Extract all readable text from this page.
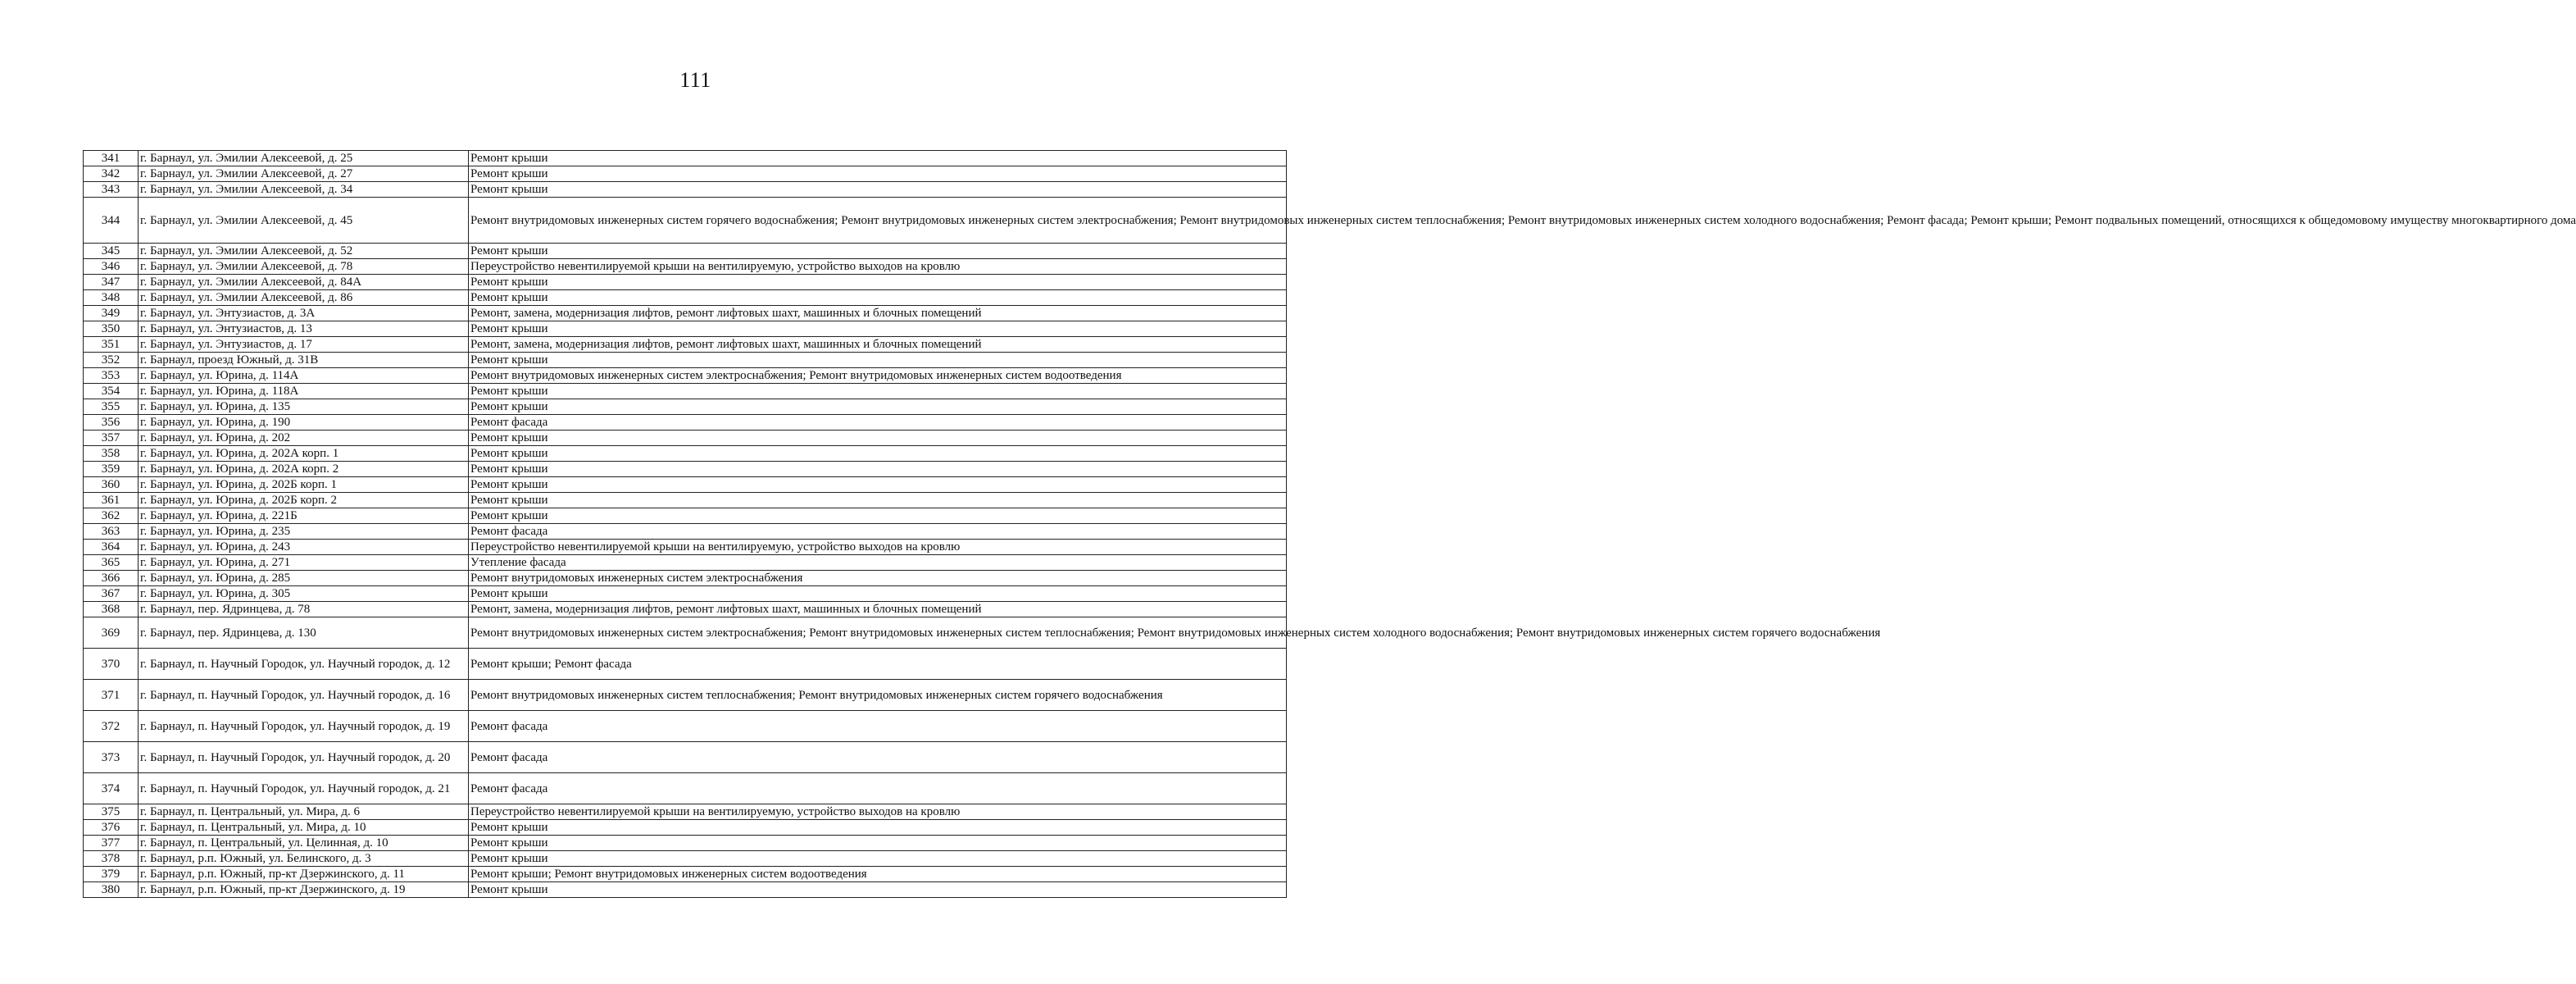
111
341	г. Барнаул, ул. Эмилии Алексеевой, д. 25	Ремонт крыши
342	г. Барнаул, ул. Эмилии Алексеевой, д. 27	Ремонт крыши
343	г. Барнаул, ул. Эмилии Алексеевой, д. 34	Ремонт крыши
344	г. Барнаул, ул. Эмилии Алексеевой, д. 45	Ремонт внутридомовых инженерных систем горячего водоснабжения; Ремонт внутридомовых инженерных систем электроснабжения; Ремонт внутридомовых инженерных систем теплоснабжения; Ремонт внутридомовых инженерных систем холодного водоснабжения; Ремонт фасада; Ремонт крыши; Ремонт подвальных помещений, относящихся к общедомовому имуществу многоквартирного дома
345	г. Барнаул, ул. Эмилии Алексеевой, д. 52	Ремонт крыши
346	г. Барнаул, ул. Эмилии Алексеевой, д. 78	Переустройство невентилируемой крыши на вентилируемую, устройство выходов на кровлю
347	г. Барнаул, ул. Эмилии Алексеевой, д. 84А	Ремонт крыши
348	г. Барнаул, ул. Эмилии Алексеевой, д. 86	Ремонт крыши
349	г. Барнаул, ул. Энтузиастов, д. 3А	Ремонт, замена, модернизация лифтов, ремонт лифтовых шахт, машинных и блочных помещений
350	г. Барнаул, ул. Энтузиастов, д. 13	Ремонт крыши
351	г. Барнаул, ул. Энтузиастов, д. 17	Ремонт, замена, модернизация лифтов, ремонт лифтовых шахт, машинных и блочных помещений
352	г. Барнаул, проезд Южный, д. 31В	Ремонт крыши
353	г. Барнаул, ул. Юрина, д. 114А	Ремонт внутридомовых инженерных систем электроснабжения; Ремонт внутридомовых инженерных систем водоотведения
354	г. Барнаул, ул. Юрина, д. 118А	Ремонт крыши
355	г. Барнаул, ул. Юрина, д. 135	Ремонт крыши
356	г. Барнаул, ул. Юрина, д. 190	Ремонт фасада
357	г. Барнаул, ул. Юрина, д. 202	Ремонт крыши
358	г. Барнаул, ул. Юрина, д. 202А корп. 1	Ремонт крыши
359	г. Барнаул, ул. Юрина, д. 202А корп. 2	Ремонт крыши
360	г. Барнаул, ул. Юрина, д. 202Б корп. 1	Ремонт крыши
361	г. Барнаул, ул. Юрина, д. 202Б корп. 2	Ремонт крыши
362	г. Барнаул, ул. Юрина, д. 221Б	Ремонт крыши
363	г. Барнаул, ул. Юрина, д. 235	Ремонт фасада
364	г. Барнаул, ул. Юрина, д. 243	Переустройство невентилируемой крыши на вентилируемую, устройство выходов на кровлю
365	г. Барнаул, ул. Юрина, д. 271	Утепление фасада
366	г. Барнаул, ул. Юрина, д. 285	Ремонт внутридомовых инженерных систем электроснабжения
367	г. Барнаул, ул. Юрина, д. 305	Ремонт крыши
368	г. Барнаул, пер. Ядринцева, д. 78	Ремонт, замена, модернизация лифтов, ремонт лифтовых шахт, машинных и блочных помещений
369	г. Барнаул, пер. Ядринцева, д. 130	Ремонт внутридомовых инженерных систем электроснабжения; Ремонт внутридомовых инженерных систем теплоснабжения; Ремонт внутридомовых инженерных систем холодного водоснабжения; Ремонт внутридомовых инженерных систем горячего водоснабжения
370	г. Барнаул, п. Научный Городок, ул. Научный городок, д. 12	Ремонт крыши; Ремонт фасада
371	г. Барнаул, п. Научный Городок, ул. Научный городок, д. 16	Ремонт внутридомовых инженерных систем теплоснабжения; Ремонт внутридомовых инженерных систем горячего водоснабжения
372	г. Барнаул, п. Научный Городок, ул. Научный городок, д. 19	Ремонт фасада
373	г. Барнаул, п. Научный Городок, ул. Научный городок, д. 20	Ремонт фасада
374	г. Барнаул, п. Научный Городок, ул. Научный городок, д. 21	Ремонт фасада
375	г. Барнаул, п. Центральный, ул. Мира, д. 6	Переустройство невентилируемой крыши на вентилируемую, устройство выходов на кровлю
376	г. Барнаул, п. Центральный, ул. Мира, д. 10	Ремонт крыши
377	г. Барнаул, п. Центральный, ул. Целинная, д. 10	Ремонт крыши
378	г. Барнаул, р.п. Южный, ул. Белинского, д. 3	Ремонт крыши
379	г. Барнаул, р.п. Южный, пр-кт Дзержинского, д. 11	Ремонт крыши; Ремонт внутридомовых инженерных систем водоотведения
380	г. Барнаул, р.п. Южный, пр-кт Дзержинского, д. 19	Ремонт крыши
